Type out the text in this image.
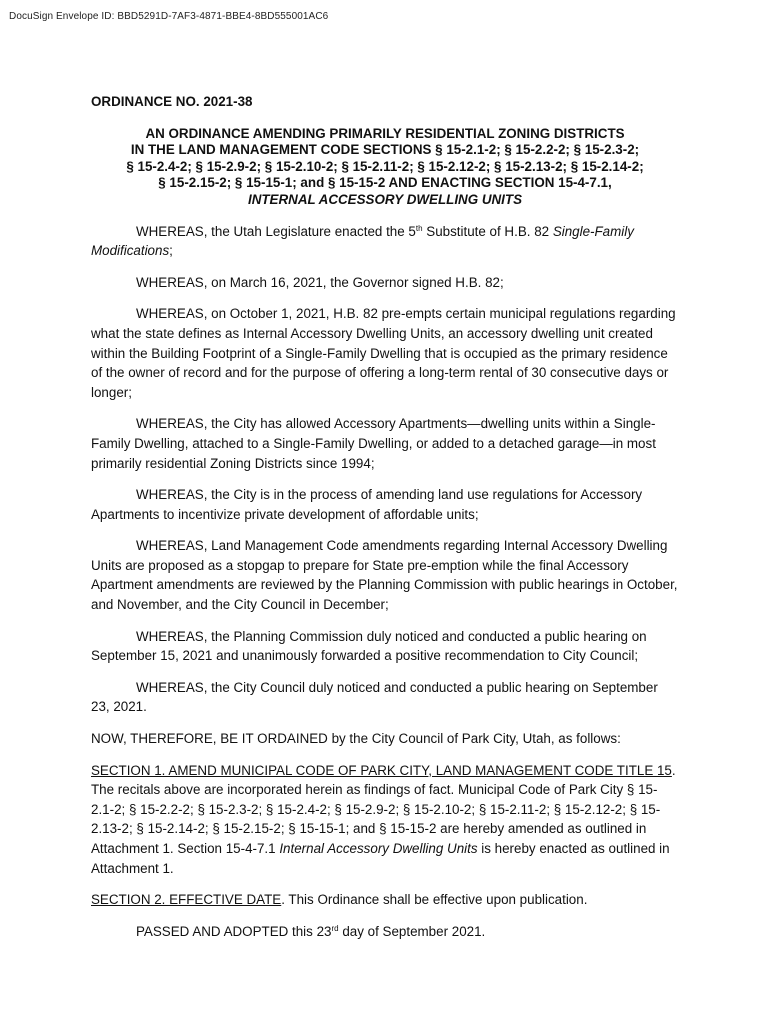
DocuSign Envelope ID: BBD5291D-7AF3-4871-BBE4-8BD555001AC6
ORDINANCE NO. 2021-38
AN ORDINANCE AMENDING PRIMARILY RESIDENTIAL ZONING DISTRICTS
IN THE LAND MANAGEMENT CODE SECTIONS § 15-2.1-2; § 15-2.2-2; § 15-2.3-2;
§ 15-2.4-2; § 15-2.9-2; § 15-2.10-2; § 15-2.11-2; § 15-2.12-2; § 15-2.13-2; § 15-2.14-2;
§ 15-2.15-2; § 15-15-1; and § 15-15-2 AND ENACTING SECTION 15-4-7.1,
INTERNAL ACCESSORY DWELLING UNITS

WHEREAS, the Utah Legislature enacted the 5th Substitute of H.B. 82 Single-Family Modifications;

WHEREAS, on March 16, 2021, the Governor signed H.B. 82;

WHEREAS, on October 1, 2021, H.B. 82 pre-empts certain municipal regulations regarding what the state defines as Internal Accessory Dwelling Units, an accessory dwelling unit created within the Building Footprint of a Single-Family Dwelling that is occupied as the primary residence of the owner of record and for the purpose of offering a long-term rental of 30 consecutive days or longer;

WHEREAS, the City has allowed Accessory Apartments—dwelling units within a Single-Family Dwelling, attached to a Single-Family Dwelling, or added to a detached garage—in most primarily residential Zoning Districts since 1994;

WHEREAS, the City is in the process of amending land use regulations for Accessory Apartments to incentivize private development of affordable units;

WHEREAS, Land Management Code amendments regarding Internal Accessory Dwelling Units are proposed as a stopgap to prepare for State pre-emption while the final Accessory Apartment amendments are reviewed by the Planning Commission with public hearings in October, and November, and the City Council in December;

WHEREAS, the Planning Commission duly noticed and conducted a public hearing on September 15, 2021 and unanimously forwarded a positive recommendation to City Council;

WHEREAS, the City Council duly noticed and conducted a public hearing on September 23, 2021.

NOW, THEREFORE, BE IT ORDAINED by the City Council of Park City, Utah, as follows:

SECTION 1. AMEND MUNICIPAL CODE OF PARK CITY, LAND MANAGEMENT CODE TITLE 15. The recitals above are incorporated herein as findings of fact. Municipal Code of Park City § 15-2.1-2; § 15-2.2-2; § 15-2.3-2; § 15-2.4-2; § 15-2.9-2; § 15-2.10-2; § 15-2.11-2; § 15-2.12-2; § 15-2.13-2; § 15-2.14-2; § 15-2.15-2; § 15-15-1; and § 15-15-2 are hereby amended as outlined in Attachment 1. Section 15-4-7.1 Internal Accessory Dwelling Units is hereby enacted as outlined in Attachment 1.

SECTION 2. EFFECTIVE DATE. This Ordinance shall be effective upon publication.

PASSED AND ADOPTED this 23rd day of September 2021.
